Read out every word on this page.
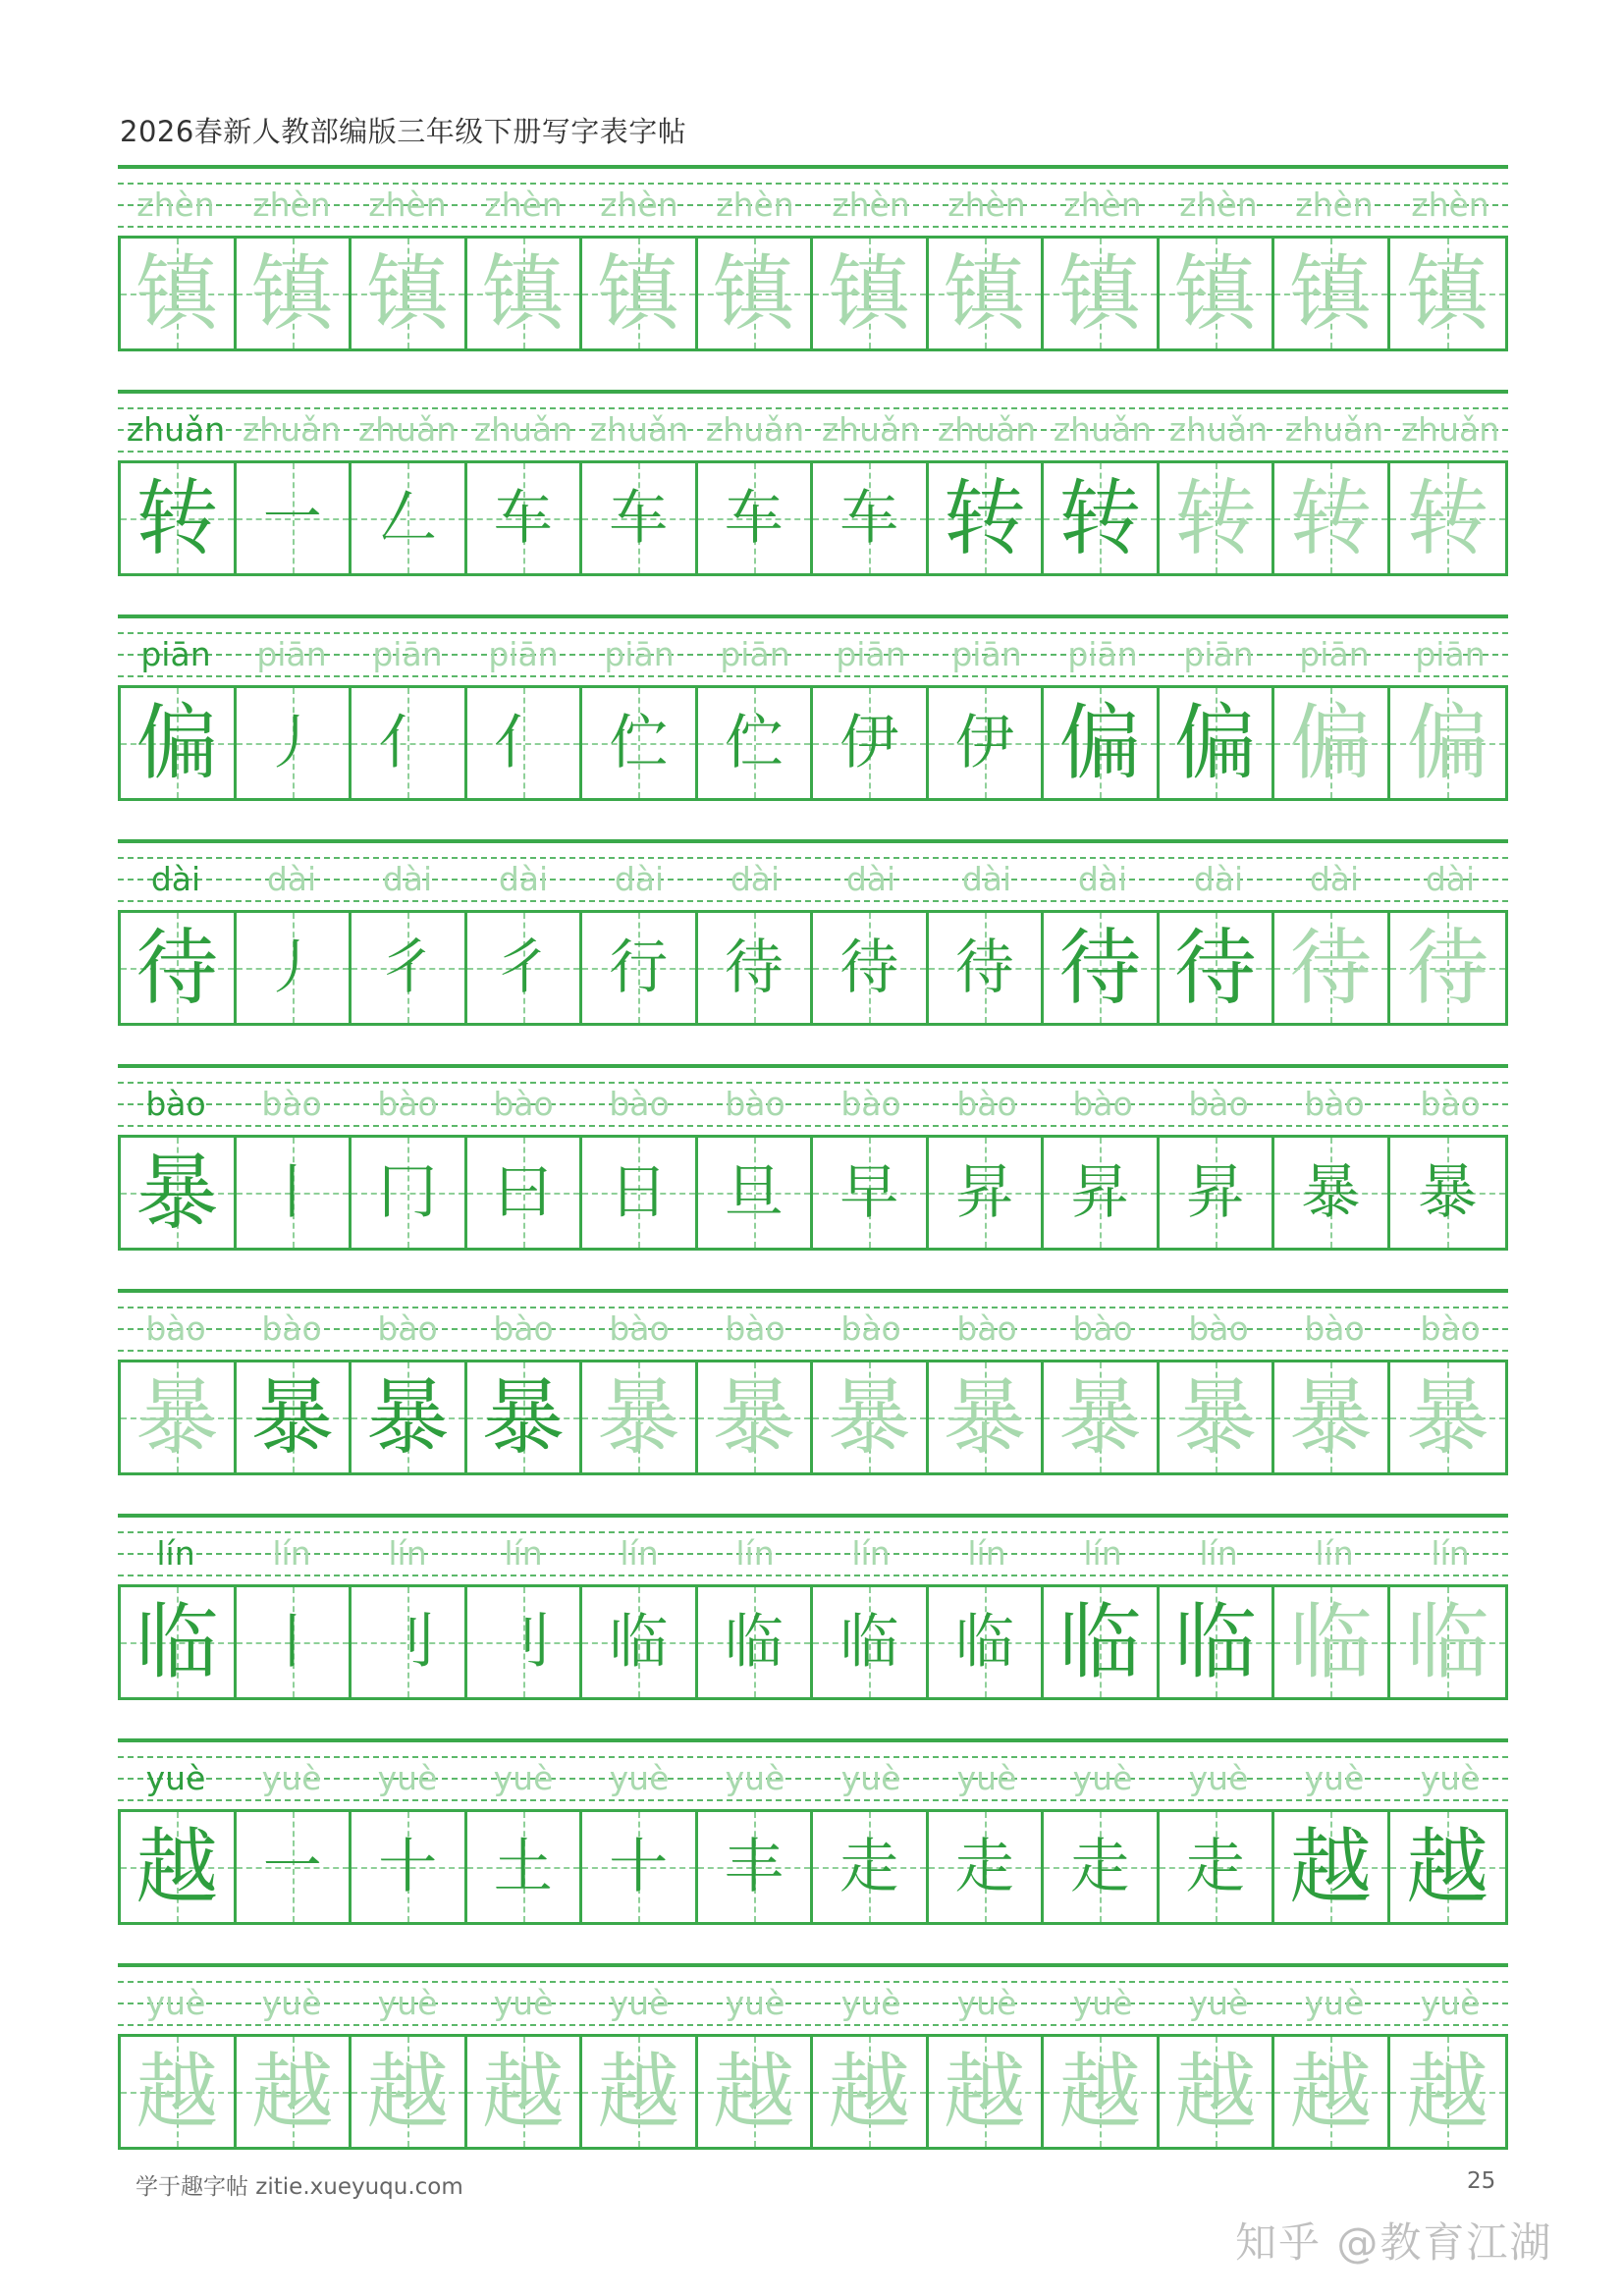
2026春新人教部编版三年级下册写字表字帖
zhèn	zhèn	zhèn	zhèn	zhèn	zhèn	zhèn	zhèn	zhèn	zhèn	zhèn	zhèn
镇 镇 镇 镇 镇 镇 镇 镇 镇 镇 镇 镇
zhuǎn zhuǎn zhuǎn zhuǎn zhuǎn zhuǎn zhuǎn zhuǎn zhuǎn zhuǎn zhuǎn zhuǎn
转 一 𠃋 车 车 车 车 转 转 转 转 转
piān	piān	piān	piān	piān	piān	piān	piān	piān	piān	piān	piān
偏 丿 亻 亻 伫 伫 伊 伊 偏 偏 偏 偏
dài	dài	dài	dài	dài	dài	dài	dài	dài	dài	dài	dài
待 丿 彳 彳 行 待 待 待 待 待 待 待
bào	bào	bào	bào	bào	bào	bào	bào	bào	bào	bào	bào
暴 丨 冂 曰 日 旦 早 昇 昇 昇 暴 暴
bào	bào	bào	bào	bào	bào	bào	bào	bào	bào	bào	bào
暴 暴 暴 暴 暴 暴 暴 暴 暴 暴 暴 暴
lín	lín	lín	lín	lín	lín	lín	lín	lín	lín	lín	lín
临 丨 刂 刂 临 临 临 临 临 临 临 临
yuè	yuè	yuè	yuè	yuè	yuè	yuè	yuè	yuè	yuè	yuè	yuè
越 一 十 土 十 丰 走 走 走 走 越 越
yuè	yuè	yuè	yuè	yuè	yuè	yuè	yuè	yuè	yuè	yuè	yuè
越 越 越 越 越 越 越 越 越 越 越 越
学于趣字帖 zitie.xueyuqu.com	25
知乎 @教育江湖
